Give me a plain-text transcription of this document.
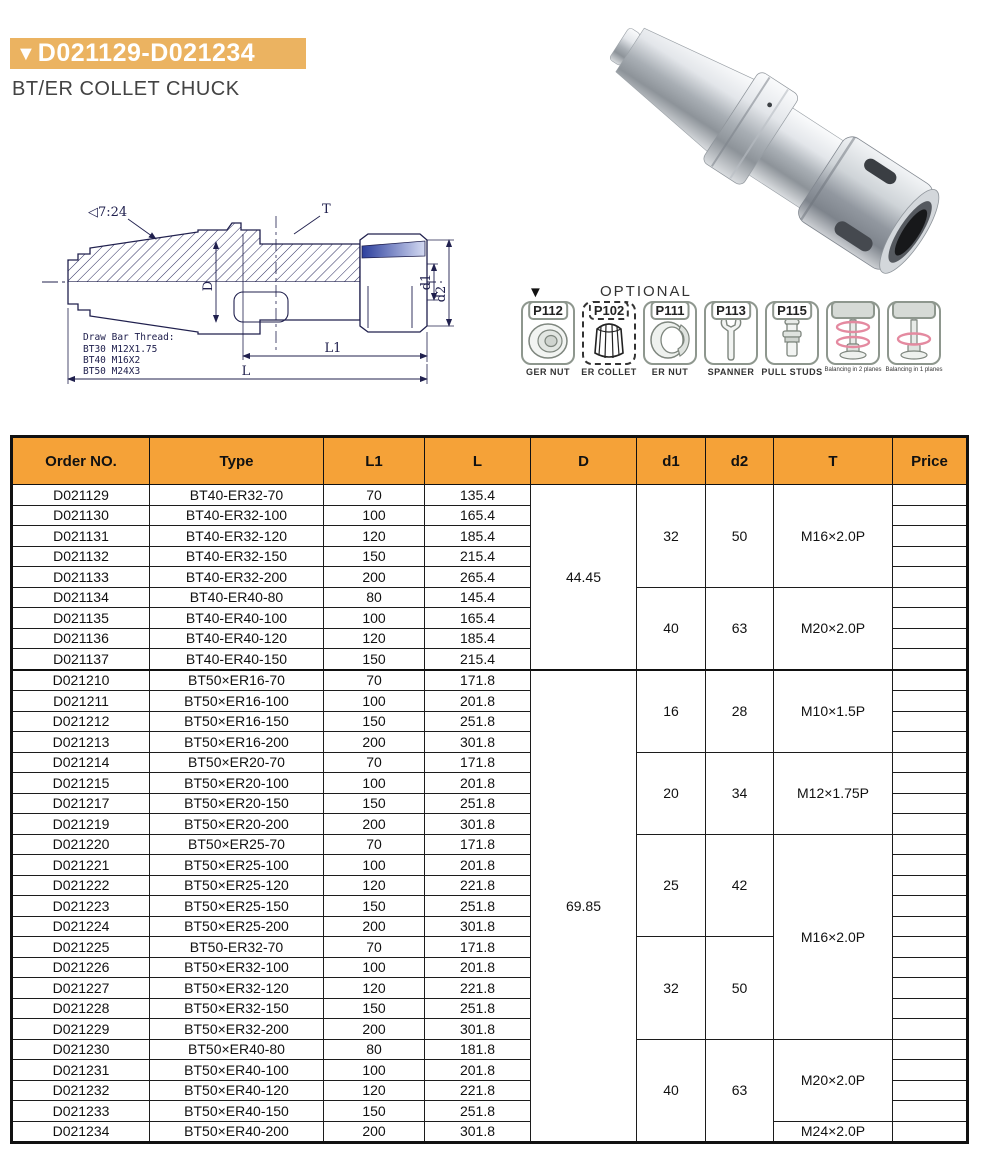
▼ D021129-D021234
BT/ER COLLET CHUCK
◁7:24	T
D	d1
d2
L1
L
Draw Bar Thread:
BT30 M12X1.75
BT40 M16X2
BT50 M24X3
▼	OPTIONAL
P112
GER NUT
P102
ER COLLET
P111
ER NUT
P113
SPANNER
P115
PULL STUDS Balancing in 2 planes Balancing in 1 planes
Order NO.	Type	L1	L	D	d1	d2	T	Price
D021129	BT40-ER32-70	70	135.4	44.45	32	50	M16×2.0P	
D021130	BT40-ER32-100	100	165.4					
D021131	BT40-ER32-120	120	185.4					
D021132	BT40-ER32-150	150	215.4					
D021133	BT40-ER32-200	200	265.4					
D021134	BT40-ER40-80	80	145.4		40	63	M20×2.0P	
D021135	BT40-ER40-100	100	165.4					
D021136	BT40-ER40-120	120	185.4					
D021137	BT40-ER40-150	150	215.4					
D021210	BT50×ER16-70	70	171.8	69.85	16	28	M10×1.5P	
D021211	BT50×ER16-100	100	201.8					
D021212	BT50×ER16-150	150	251.8					
D021213	BT50×ER16-200	200	301.8					
D021214	BT50×ER20-70	70	171.8		20	34	M12×1.75P	
D021215	BT50×ER20-100	100	201.8					
D021217	BT50×ER20-150	150	251.8					
D021219	BT50×ER20-200	200	301.8					
D021220	BT50×ER25-70	70	171.8		25	42	M16×2.0P	
D021221	BT50×ER25-100	100	201.8					
D021222	BT50×ER25-120	120	221.8					
D021223	BT50×ER25-150	150	251.8					
D021224	BT50×ER25-200	200	301.8					
D021225	BT50-ER32-70	70	171.8		32	50		
D021226	BT50×ER32-100	100	201.8					
D021227	BT50×ER32-120	120	221.8					
D021228	BT50×ER32-150	150	251.8					
D021229	BT50×ER32-200	200	301.8					
D021230	BT50×ER40-80	80	181.8		40	63	M20×2.0P	
D021231	BT50×ER40-100	100	201.8					
D021232	BT50×ER40-120	120	221.8					
D021233	BT50×ER40-150	150	251.8					
D021234	BT50×ER40-200	200	301.8				M24×2.0P	
